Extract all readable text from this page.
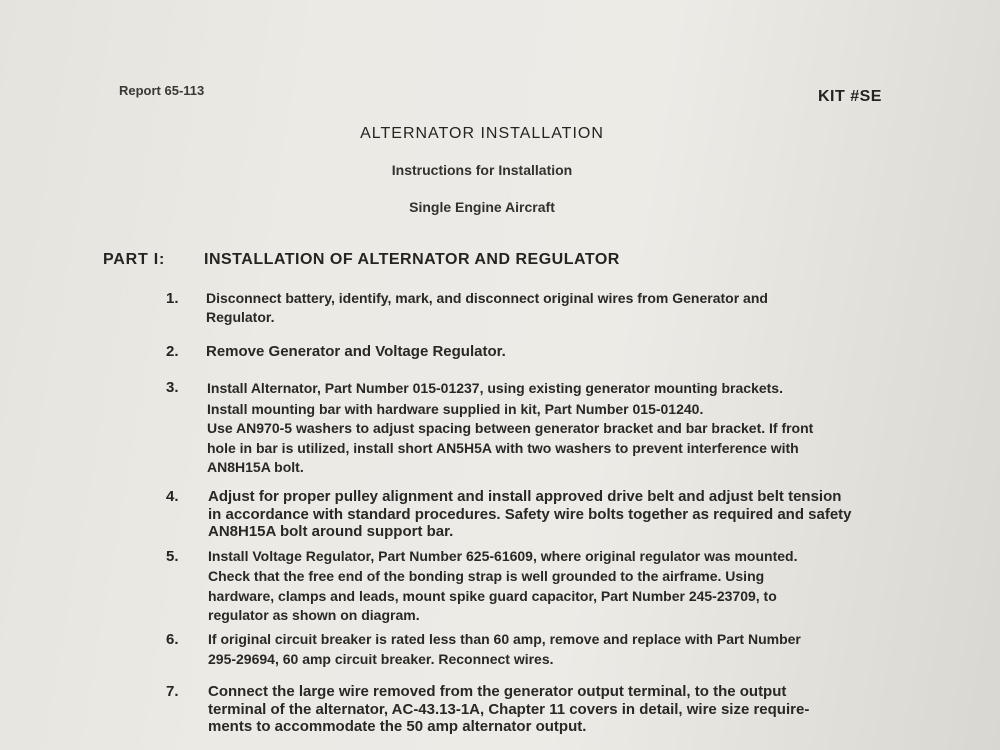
Report 65-113	KIT #SE
ALTERNATOR INSTALLATION
Instructions for Installation
Single Engine Aircraft
PART I: INSTALLATION OF ALTERNATOR AND REGULATOR
1. Disconnect battery, identify, mark, and disconnect original wires from Generator and
Regulator.
2. Remove Generator and Voltage Regulator.
3. Install Alternator, Part Number 015-01237, using existing generator mounting brackets.
Install mounting bar with hardware supplied in kit, Part Number 015-01240.
Use AN970-5 washers to adjust spacing between generator bracket and bar bracket. If front
hole in bar is utilized, install short AN5H5A with two washers to prevent interference with
AN8H15A bolt.
4. Adjust for proper pulley alignment and install approved drive belt and adjust belt tension
in accordance with standard procedures. Safety wire bolts together as required and safety
AN8H15A bolt around support bar.
5. Install Voltage Regulator, Part Number 625-61609, where original regulator was mounted.
Check that the free end of the bonding strap is well grounded to the airframe. Using
hardware, clamps and leads, mount spike guard capacitor, Part Number 245-23709, to
regulator as shown on diagram.
6. If original circuit breaker is rated less than 60 amp, remove and replace with Part Number
295-29694, 60 amp circuit breaker. Reconnect wires.
7. Connect the large wire removed from the generator output terminal, to the output
terminal of the alternator, AC-43.13-1A, Chapter 11 covers in detail, wire size require-
ments to accommodate the 50 amp alternator output.
